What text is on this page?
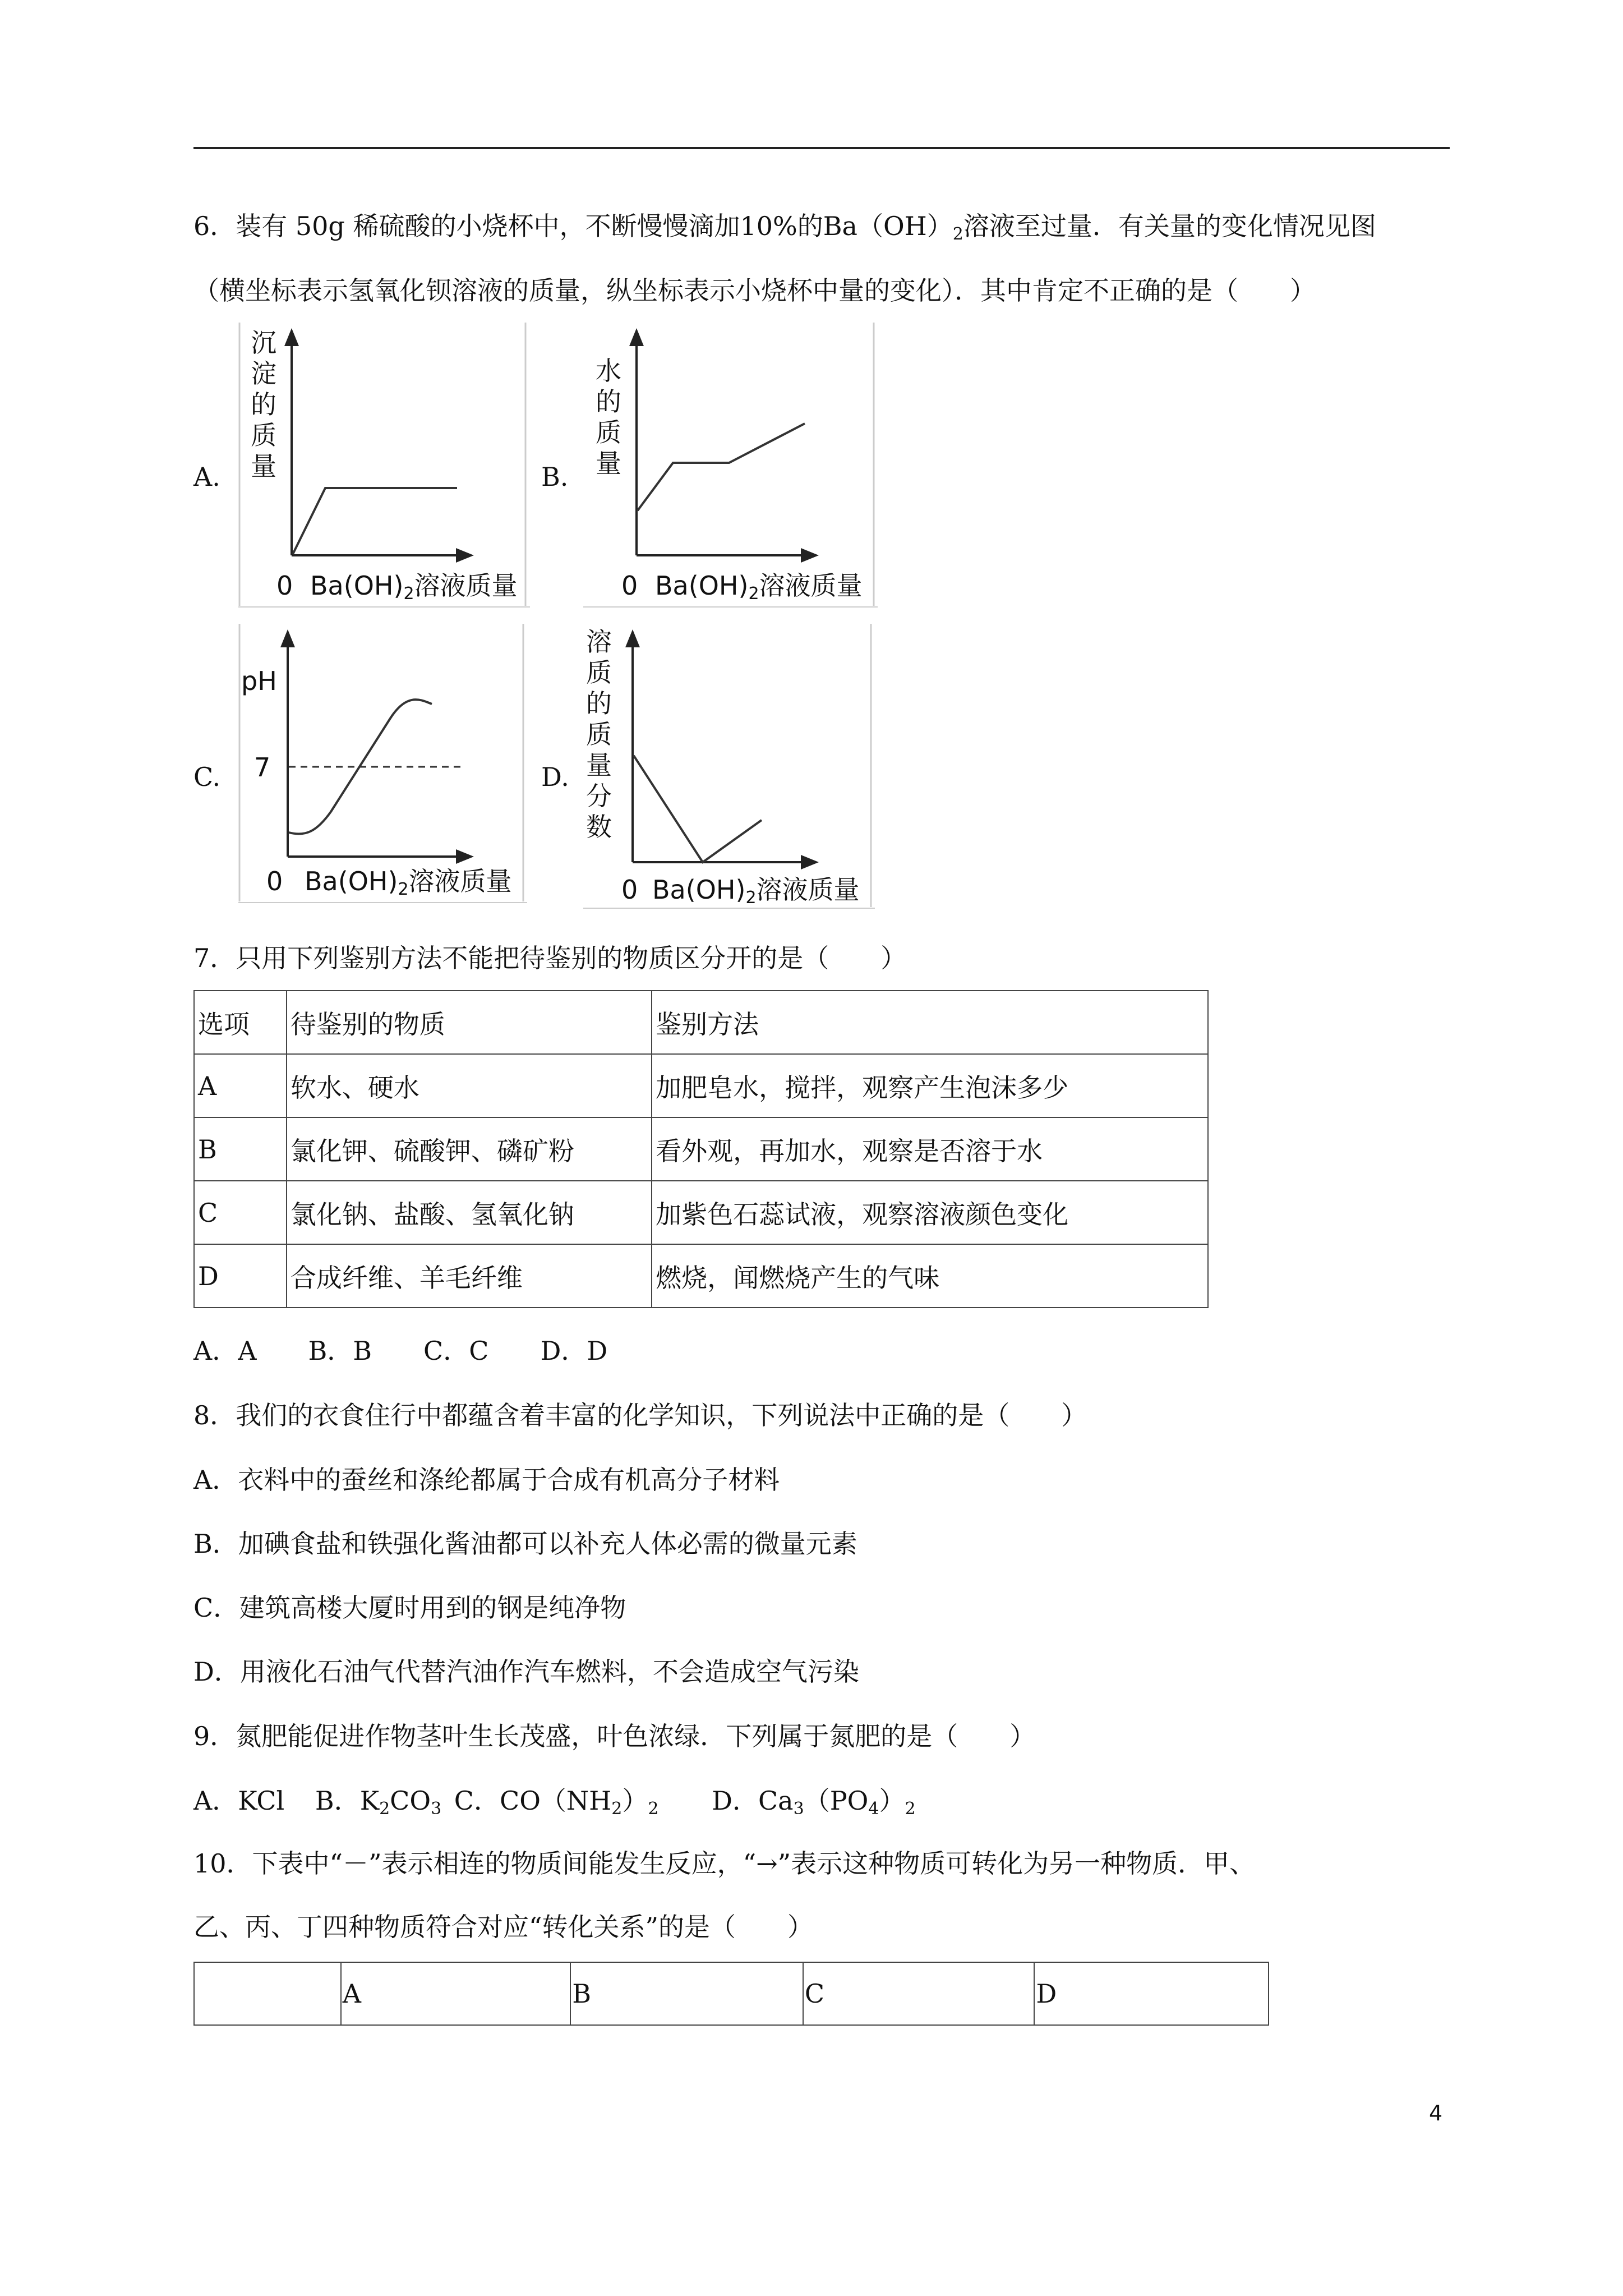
6．装有 50g 稀硫酸的小烧杯中，不断慢慢滴加10%的$Ba(OH)_2$溶液至过量．有关量的变化情况见图
（横坐标表示氢氧化钡溶液的质量，纵坐标表示小烧杯中量的变化）．其中肯定不正确的是（　　）
A.	B.
C.	D.
沉
淀
的
质
量
0 Ba(OH)2溶液质量
水
的
质
量
0 Ba(OH)2溶液质量
pH
7
0 Ba(OH)2溶液质量
溶
质
的
质
量
分
数
0 Ba(OH)2溶液质量
7．只用下列鉴别方法不能把待鉴别的物质区分开的是（　　）
选项	待鉴别的物质	鉴别方法
A	软水、硬水	加肥皂水，搅拌，观察产生泡沫多少
B	氯化钾、硫酸钾、磷矿粉	看外观，再加水，观察是否溶于水
C	氯化钠、盐酸、氢氧化钠	加紫色石蕊试液，观察溶液颜色变化
D	合成纤维、羊毛纤维	燃烧，闻燃烧产生的气味
A．A　　B．B　　C．C　　D．D
8．我们的衣食住行中都蕴含着丰富的化学知识，下列说法中正确的是（　　）
A．衣料中的蚕丝和涤纶都属于合成有机高分子材料
B．加碘食盐和铁强化酱油都可以补充人体必需的微量元素
C．建筑高楼大厦时用到的钢是纯净物
D．用液化石油气代替汽油作汽车燃料，不会造成空气污染
9．氮肥能促进作物茎叶生长茂盛，叶色浓绿．下列属于氮肥的是（　　）
A．KCl B．$K_2CO_3$ C．$CO(NH_2)_2$ D．$Ca_3(PO_4)_2$
10．下表中“－”表示相连的物质间能发生反应，“→”表示这种物质可转化为另一种物质．甲、
乙、丙、丁四种物质符合对应“转化关系”的是（　　）
	A	B	C	D
4
